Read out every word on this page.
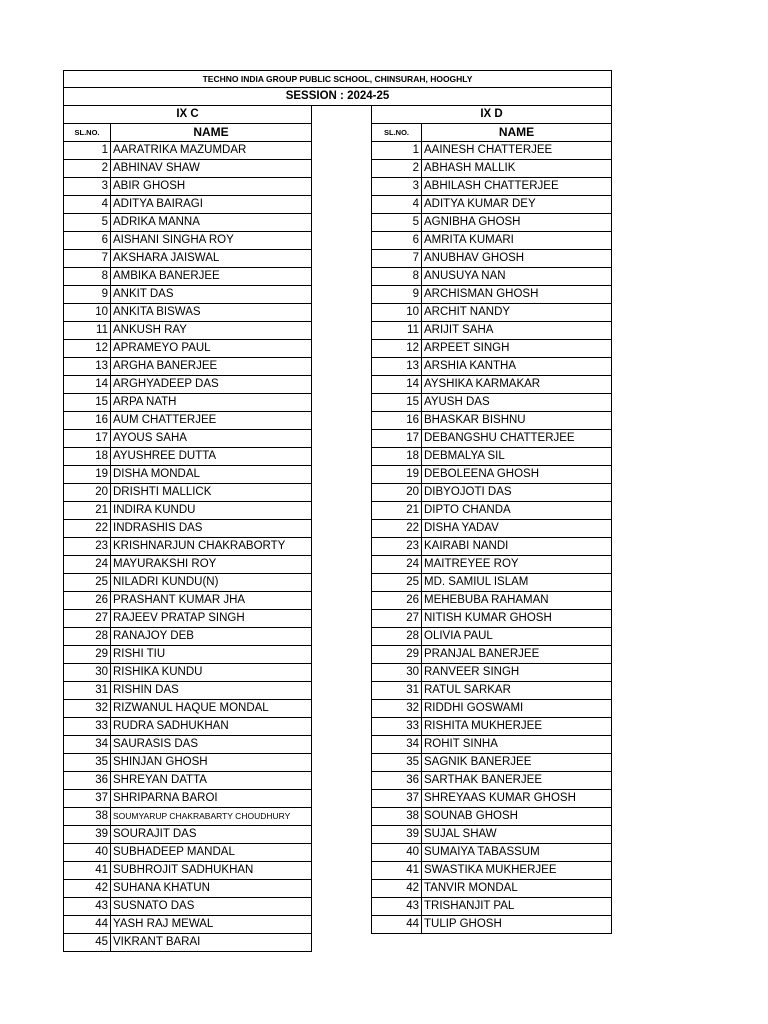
TECHNO INDIA GROUP PUBLIC SCHOOL, CHINSURAH, HOOGHLY
SESSION : 2024-25
IX C
SL.NO.	NAME
IX D
SL.NO.	NAME
1 AARATRIKA MAZUMDAR
2 ABHINAV SHAW
3 ABIR GHOSH
4 ADITYA BAIRAGI
5 ADRIKA MANNA
6 AISHANI SINGHA ROY
7 AKSHARA JAISWAL
8 AMBIKA BANERJEE
9 ANKIT DAS
10 ANKITA BISWAS
11 ANKUSH RAY
12 APRAMEYO PAUL
13 ARGHA BANERJEE
14 ARGHYADEEP DAS
15 ARPA NATH
16 AUM CHATTERJEE
17 AYOUS SAHA
18 AYUSHREE DUTTA
19 DISHA MONDAL
20 DRISHTI MALLICK
21 INDIRA KUNDU
22 INDRASHIS DAS
23 KRISHNARJUN CHAKRABORTY
24 MAYURAKSHI ROY
25 NILADRI KUNDU(N)
26 PRASHANT KUMAR JHA
27 RAJEEV PRATAP SINGH
28 RANAJOY DEB
29 RISHI TIU
30 RISHIKA KUNDU
31 RISHIN DAS
32 RIZWANUL HAQUE MONDAL
33 RUDRA SADHUKHAN
34 SAURASIS DAS
35 SHINJAN GHOSH
36 SHREYAN DATTA
37 SHRIPARNA BAROI
38 SOUMYARUP CHAKRABARTY CHOUDHURY
39 SOURAJIT DAS
40 SUBHADEEP MANDAL
41 SUBHROJIT SADHUKHAN
42 SUHANA KHATUN
43 SUSNATO DAS
44 YASH RAJ MEWAL
45 VIKRANT BARAI
1 AAINESH CHATTERJEE
2 ABHASH MALLIK
3 ABHILASH CHATTERJEE
4 ADITYA KUMAR DEY
5 AGNIBHA GHOSH
6 AMRITA KUMARI
7 ANUBHAV GHOSH
8 ANUSUYA NAN
9 ARCHISMAN GHOSH
10 ARCHIT NANDY
11 ARIJIT SAHA
12 ARPEET SINGH
13 ARSHIA KANTHA
14 AYSHIKA KARMAKAR
15 AYUSH DAS
16 BHASKAR BISHNU
17 DEBANGSHU CHATTERJEE
18 DEBMALYA SIL
19 DEBOLEENA GHOSH
20 DIBYOJOTI DAS
21 DIPTO CHANDA
22 DISHA YADAV
23 KAIRABI NANDI
24 MAITREYEE ROY
25 MD. SAMIUL ISLAM
26 MEHEBUBA RAHAMAN
27 NITISH KUMAR GHOSH
28 OLIVIA PAUL
29 PRANJAL BANERJEE
30 RANVEER SINGH
31 RATUL SARKAR
32 RIDDHI GOSWAMI
33 RISHITA MUKHERJEE
34 ROHIT SINHA
35 SAGNIK BANERJEE
36 SARTHAK BANERJEE
37 SHREYAAS KUMAR GHOSH
38 SOUNAB GHOSH
39 SUJAL SHAW
40 SUMAIYA TABASSUM
41 SWASTIKA MUKHERJEE
42 TANVIR MONDAL
43 TRISHANJIT PAL
44 TULIP GHOSH
